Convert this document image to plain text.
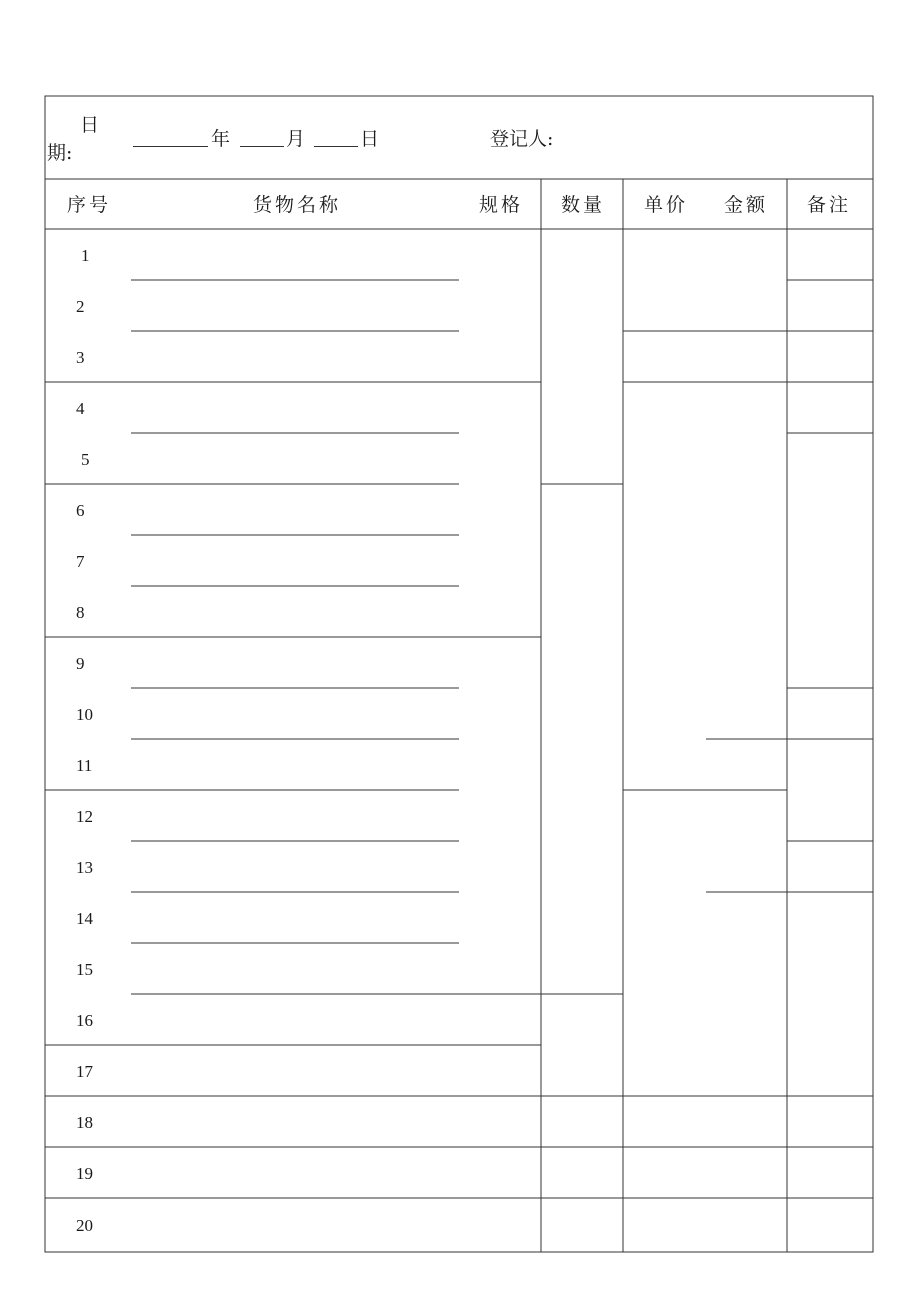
日
期:
年	月	日	登记人:
序号	货物名称	规格 数量 单价 金额 备注
1
2
3
4
5
6
7
8
9
10
11
12
13
14
15
16
17
18
19
20
